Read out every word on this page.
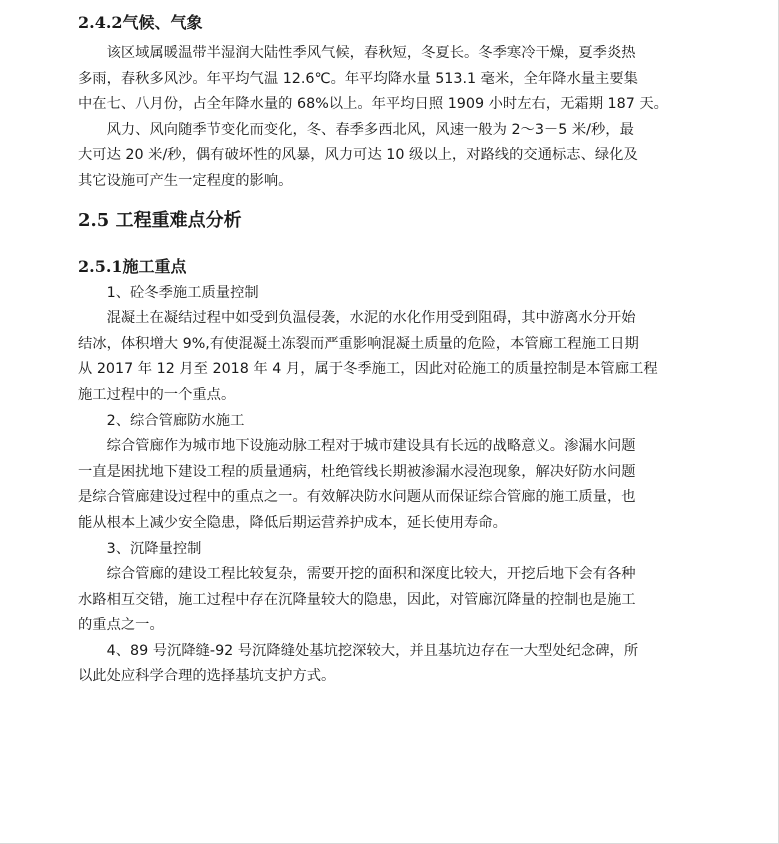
2.4.2气候、气象
该区域属暖温带半湿润大陆性季风气候，春秋短，冬夏长。冬季寒冷干燥，夏季炎热
多雨，春秋多风沙。年平均气温 12.6℃。年平均降水量 513.1 毫米，全年降水量主要集
中在七、八月份，占全年降水量的 68%以上。年平均日照 1909 小时左右，无霜期 187 天。
风力、风向随季节变化而变化，冬、春季多西北风，风速一般为 2～3－5 米/秒，最
大可达 20 米/秒，偶有破坏性的风暴，风力可达 10 级以上，对路线的交通标志、绿化及
其它设施可产生一定程度的影响。
2.5 工程重难点分析
2.5.1施工重点
1、砼冬季施工质量控制
混凝土在凝结过程中如受到负温侵袭，水泥的水化作用受到阻碍，其中游离水分开始
结冰，体积增大 9%,有使混凝土冻裂而严重影响混凝土质量的危险，本管廊工程施工日期
从 2017 年 12 月至 2018 年 4 月，属于冬季施工，因此对砼施工的质量控制是本管廊工程
施工过程中的一个重点。
2、综合管廊防水施工
综合管廊作为城市地下设施动脉工程对于城市建设具有长远的战略意义。渗漏水问题
一直是困扰地下建设工程的质量通病，杜绝管线长期被渗漏水浸泡现象，解决好防水问题
是综合管廊建设过程中的重点之一。有效解决防水问题从而保证综合管廊的施工质量，也
能从根本上减少安全隐患，降低后期运营养护成本，延长使用寿命。
3、沉降量控制
综合管廊的建设工程比较复杂，需要开挖的面积和深度比较大，开挖后地下会有各种
水路相互交错，施工过程中存在沉降量较大的隐患，因此，对管廊沉降量的控制也是施工
的重点之一。
4、89 号沉降缝-92 号沉降缝处基坑挖深较大，并且基坑边存在一大型处纪念碑，所
以此处应科学合理的选择基坑支护方式。
